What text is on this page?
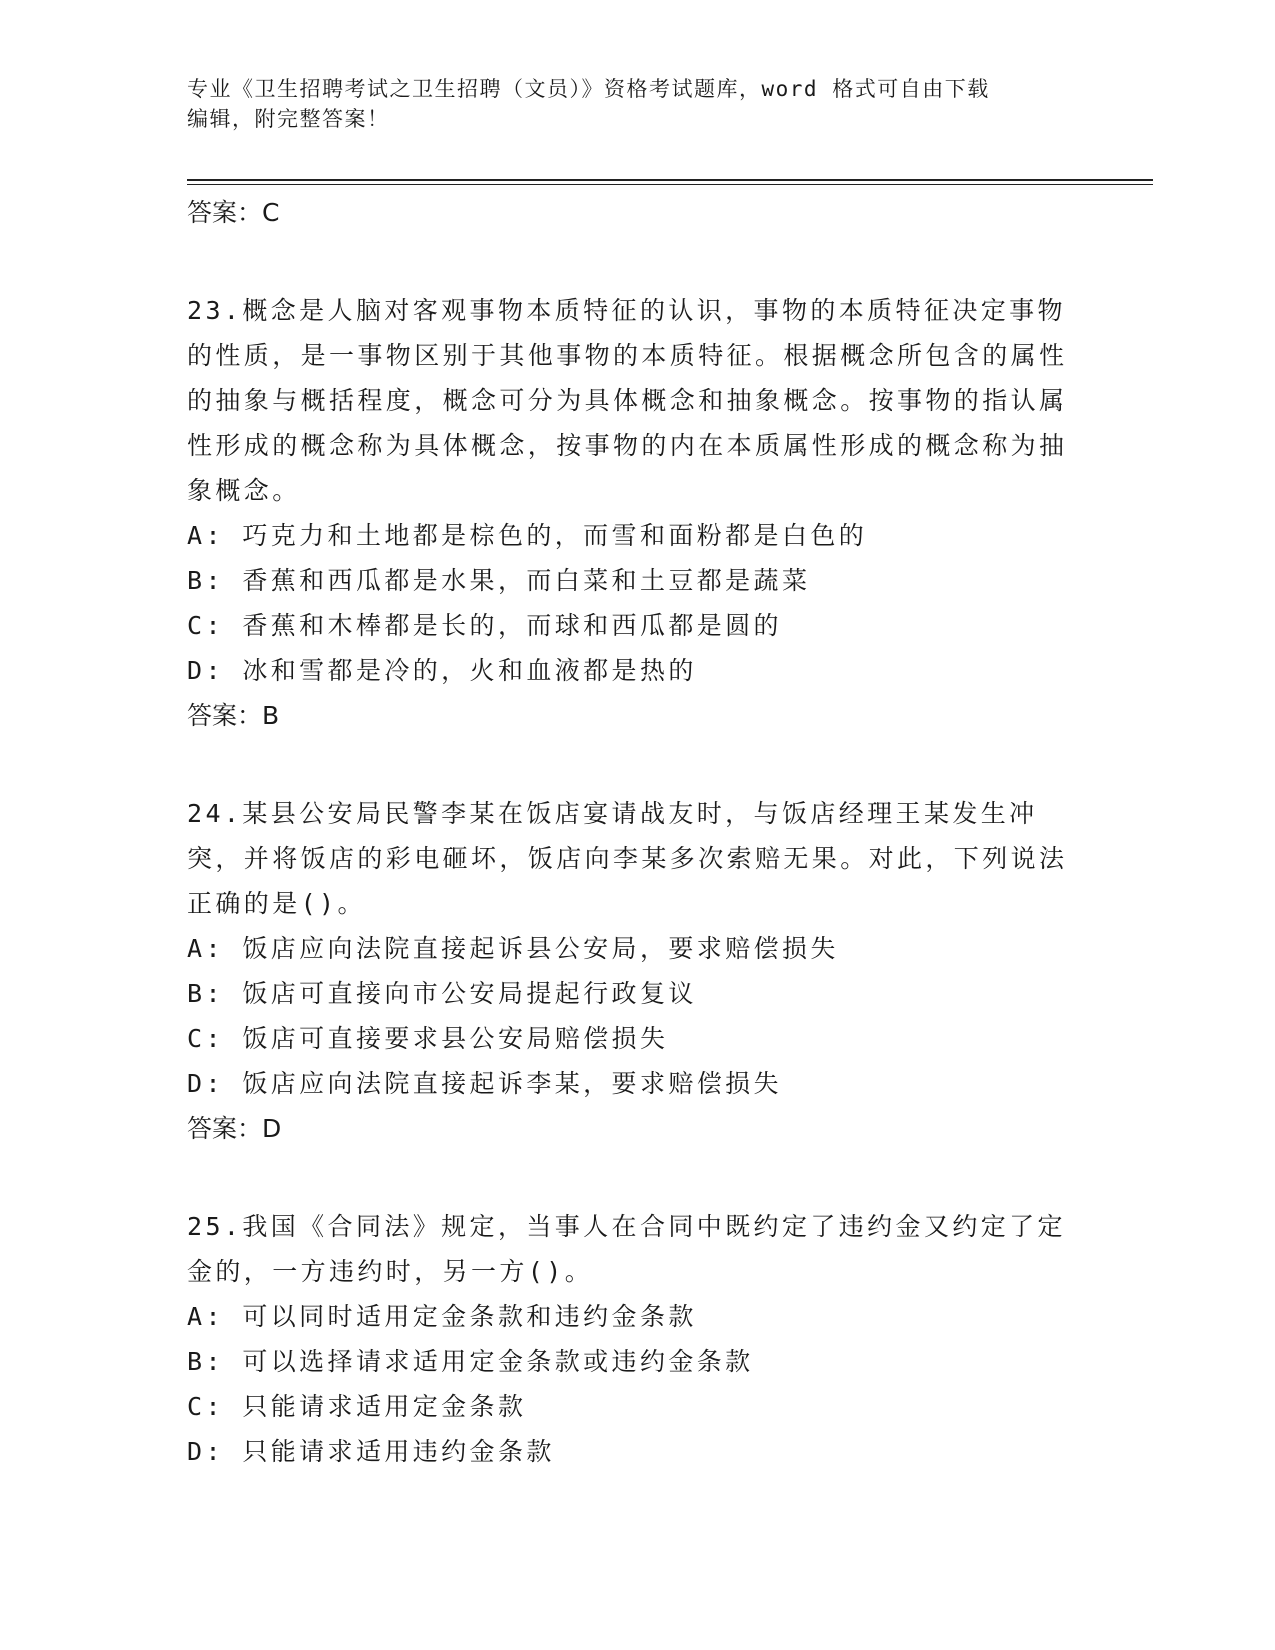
专业《卫生招聘考试之卫生招聘（文员）》资格考试题库，word 格式可自由下载

编辑，附完整答案！

答案：C

23.概念是人脑对客观事物本质特征的认识，事物的本质特征决定事物的性质，是一事物区别于其他事物的本质特征。根据概念所包含的属性的抽象与概括程度，概念可分为具体概念和抽象概念。按事物的指认属性形成的概念称为具体概念，按事物的内在本质属性形成的概念称为抽象概念。

A: 巧克力和土地都是棕色的，而雪和面粉都是白色的

B: 香蕉和西瓜都是水果，而白菜和土豆都是蔬菜

C: 香蕉和木棒都是长的，而球和西瓜都是圆的

D: 冰和雪都是冷的，火和血液都是热的

答案：B

24.某县公安局民警李某在饭店宴请战友时，与饭店经理王某发生冲突，并将饭店的彩电砸坏，饭店向李某多次索赔无果。对此，下列说法正确的是()。

A: 饭店应向法院直接起诉县公安局，要求赔偿损失

B: 饭店可直接向市公安局提起行政复议

C: 饭店可直接要求县公安局赔偿损失

D: 饭店应向法院直接起诉李某，要求赔偿损失

答案：D

25.我国《合同法》规定，当事人在合同中既约定了违约金又约定了定金的，一方违约时，另一方()。

A: 可以同时适用定金条款和违约金条款

B: 可以选择请求适用定金条款或违约金条款

C: 只能请求适用定金条款

D: 只能请求适用违约金条款
